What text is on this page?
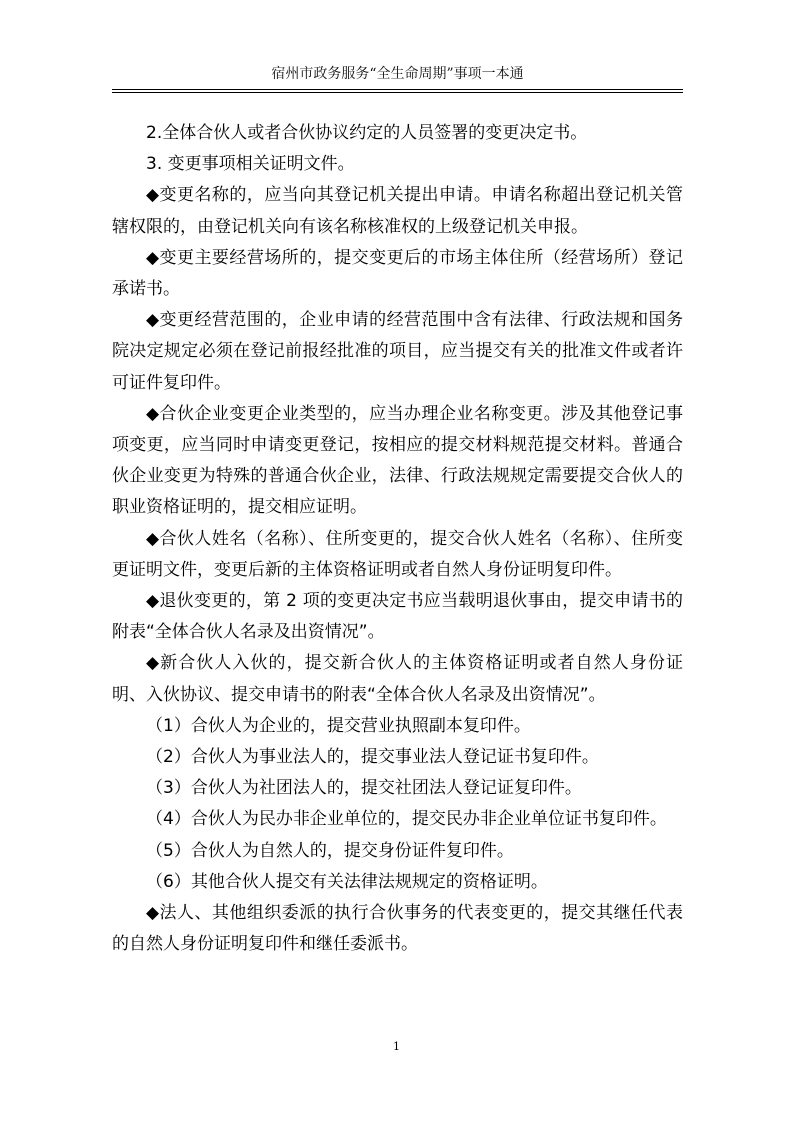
宿州市政务服务“全生命周期”事项一本通

2.全体合伙人或者合伙协议约定的人员签署的变更决定书。

3. 变更事项相关证明文件。

◆变更名称的，应当向其登记机关提出申请。申请名称超出登记机关管辖权限的，由登记机关向有该名称核准权的上级登记机关申报。

◆变更主要经营场所的，提交变更后的市场主体住所（经营场所）登记承诺书。

◆变更经营范围的，企业申请的经营范围中含有法律、行政法规和国务院决定规定必须在登记前报经批准的项目，应当提交有关的批准文件或者许可证件复印件。

◆合伙企业变更企业类型的，应当办理企业名称变更。涉及其他登记事项变更，应当同时申请变更登记，按相应的提交材料规范提交材料。普通合伙企业变更为特殊的普通合伙企业，法律、行政法规规定需要提交合伙人的职业资格证明的，提交相应证明。

◆合伙人姓名（名称）、住所变更的，提交合伙人姓名（名称）、住所变更证明文件，变更后新的主体资格证明或者自然人身份证明复印件。

◆退伙变更的，第 2 项的变更决定书应当载明退伙事由，提交申请书的附表“全体合伙人名录及出资情况”。

◆新合伙人入伙的，提交新合伙人的主体资格证明或者自然人身份证明、入伙协议、提交申请书的附表“全体合伙人名录及出资情况”。

（1）合伙人为企业的，提交营业执照副本复印件。

（2）合伙人为事业法人的，提交事业法人登记证书复印件。

（3）合伙人为社团法人的，提交社团法人登记证复印件。

（4）合伙人为民办非企业单位的，提交民办非企业单位证书复印件。

（5）合伙人为自然人的，提交身份证件复印件。

（6）其他合伙人提交有关法律法规规定的资格证明。

◆法人、其他组织委派的执行合伙事务的代表变更的，提交其继任代表的自然人身份证明复印件和继任委派书。

1
